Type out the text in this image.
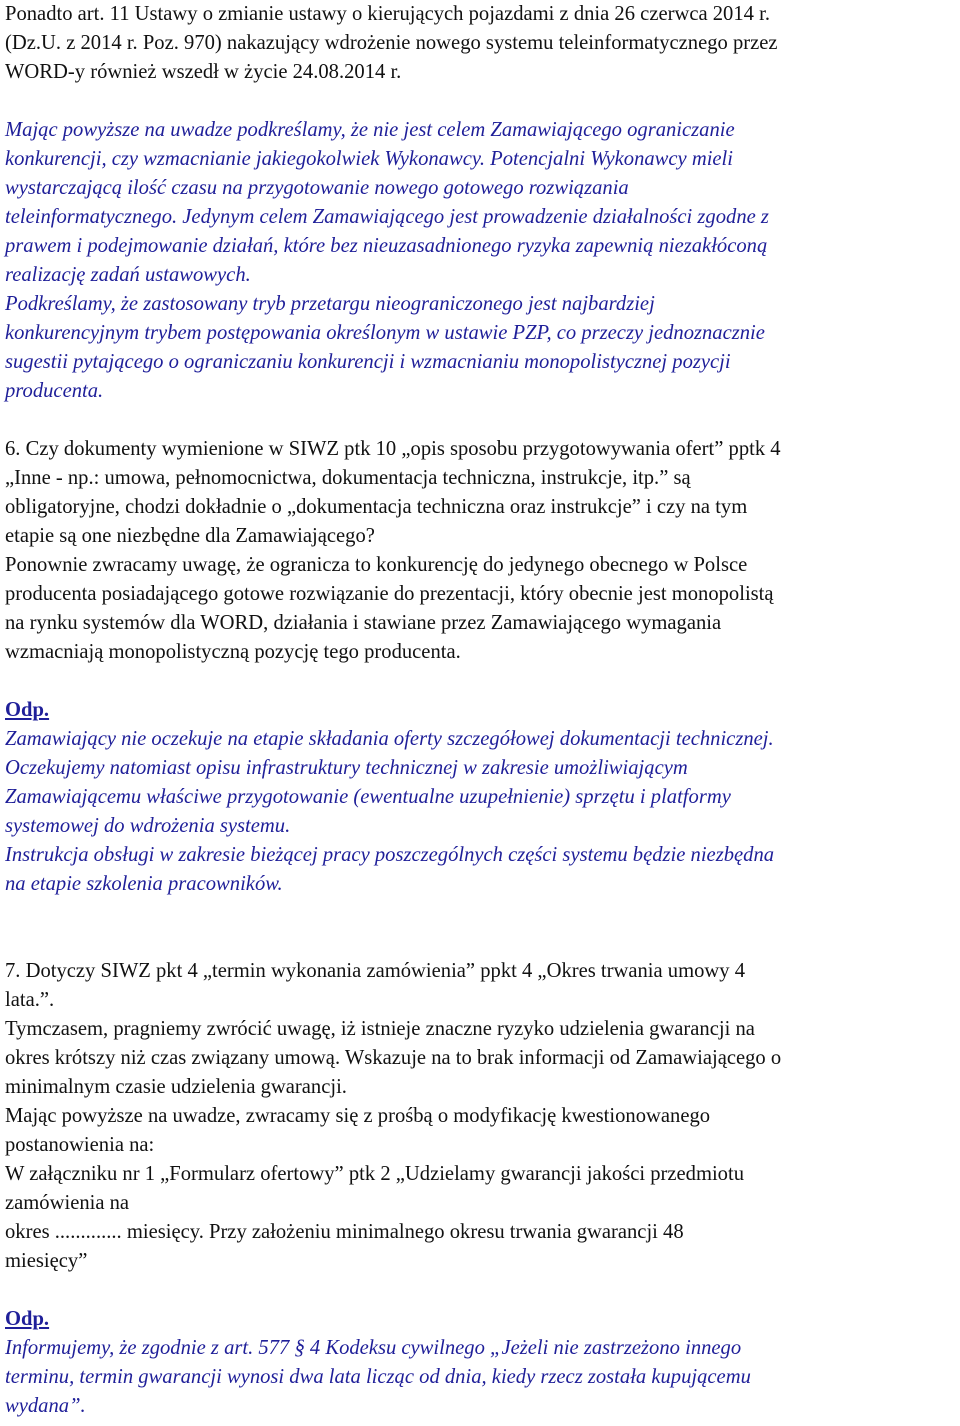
Ponadto art. 11 Ustawy o zmianie ustawy o kierujących pojazdami z dnia 26 czerwca 2014 r.
(Dz.U. z 2014 r. Poz. 970) nakazujący wdrożenie nowego systemu teleinformatycznego przez
WORD-y również wszedł w życie 24.08.2014 r.
Mając powyższe na uwadze podkreślamy, że nie jest celem Zamawiającego ograniczanie
konkurencji, czy wzmacnianie jakiegokolwiek Wykonawcy. Potencjalni Wykonawcy mieli
wystarczającą ilość czasu na przygotowanie nowego gotowego rozwiązania
teleinformatycznego. Jedynym celem Zamawiającego jest prowadzenie działalności zgodne z
prawem i podejmowanie działań, które bez nieuzasadnionego ryzyka zapewnią niezakłóconą
realizację zadań ustawowych.
Podkreślamy, że zastosowany tryb przetargu nieograniczonego jest najbardziej
konkurencyjnym trybem postępowania określonym w ustawie PZP, co przeczy jednoznacznie
sugestii pytającego o ograniczaniu konkurencji i wzmacnianiu monopolistycznej pozycji
producenta.
6. Czy dokumenty wymienione w SIWZ ptk 10 „opis sposobu przygotowywania ofert” pptk 4
„Inne - np.: umowa, pełnomocnictwa, dokumentacja techniczna, instrukcje, itp.” są
obligatoryjne, chodzi dokładnie o „dokumentacja techniczna oraz instrukcje” i czy na tym
etapie są one niezbędne dla Zamawiającego?
Ponownie zwracamy uwagę, że ogranicza to konkurencję do jedynego obecnego w Polsce
producenta posiadającego gotowe rozwiązanie do prezentacji, który obecnie jest monopolistą
na rynku systemów dla WORD, działania i stawiane przez Zamawiającego wymagania
wzmacniają monopolistyczną pozycję tego producenta.
Odp.
Zamawiający nie oczekuje na etapie składania oferty szczegółowej dokumentacji technicznej.
Oczekujemy natomiast opisu infrastruktury technicznej w zakresie umożliwiającym
Zamawiającemu właściwe przygotowanie (ewentualne uzupełnienie) sprzętu i platformy
systemowej do wdrożenia systemu.
Instrukcja obsługi w zakresie bieżącej pracy poszczególnych części systemu będzie niezbędna
na etapie szkolenia pracowników.
7. Dotyczy SIWZ pkt 4 „termin wykonania zamówienia” ppkt 4 „Okres trwania umowy 4
lata.”.
Tymczasem, pragniemy zwrócić uwagę, iż istnieje znaczne ryzyko udzielenia gwarancji na
okres krótszy niż czas związany umową. Wskazuje na to brak informacji od Zamawiającego o
minimalnym czasie udzielenia gwarancji.
Mając powyższe na uwadze, zwracamy się z prośbą o modyfikację kwestionowanego
postanowienia na:
W załączniku nr 1 „Formularz ofertowy” ptk 2 „Udzielamy gwarancji jakości przedmiotu
zamówienia na
okres ............. miesięcy. Przy założeniu minimalnego okresu trwania gwarancji 48
miesięcy”
Odp.
Informujemy, że zgodnie z art. 577 § 4 Kodeksu cywilnego „Jeżeli nie zastrzeżono innego
terminu, termin gwarancji wynosi dwa lata licząc od dnia, kiedy rzecz została kupującemu
wydana”.
